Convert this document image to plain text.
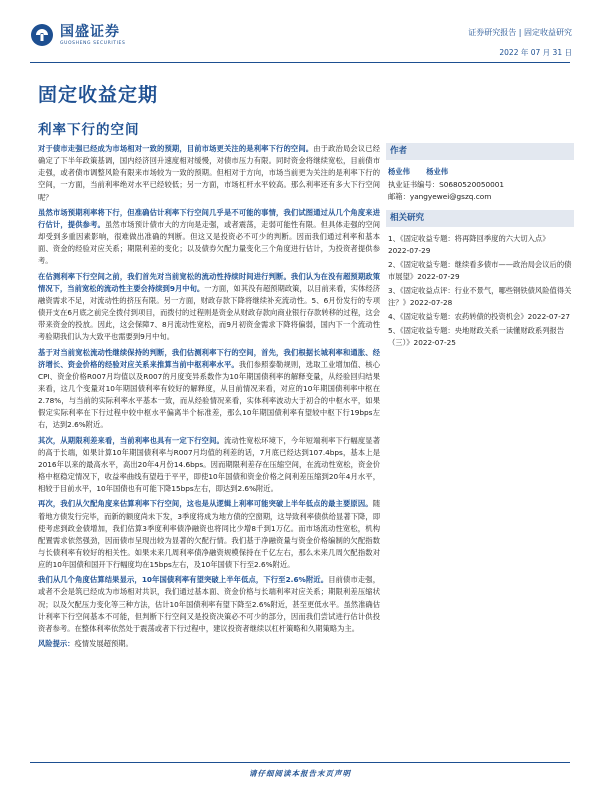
国盛证券
GUOSHENG SECURITIES
证券研究报告 | 固定收益研究
2022 年 07 月 31 日
固定收益定期
利率下行的空间

对于债市走强已经成为市场相对一致的预期，目前市场更关注的是利率下行的空间。由于政治局会议已经确定了下半年政策基调，国内经济回升速度相对缓慢，对债市压力有限。同时资金将继续宽松，目前债市走强，或者债市调整风险有限来市场较为一致的预期。但相对于方向，市场当前更为关注的是利率下行的空间，一方面，当前利率绝对水平已经较低；另一方面，市场杠杆水平较高。那么利率还有多大下行空间呢？

虽然市场预期利率将下行，但准确估计利率下行空间几乎是不可能的事情，我们试图通过从几个角度来进行估计，提供参考。虽然市场预计债市大的方向是走强，或者震荡，走弱可能性有限。但具体走强的空间却受到多重因素影响，很难做出准确的判断。但这又是投资必不可少的判断。因而我们通过利率和基本面、资金的经验对应关系；期限利差的变化；以及债券欠配力量变化三个角度进行估计，为投资者提供参考。

在估测利率下行空间之前，我们首先对当前宽松的流动性持续时间进行判断。我们认为在没有超预期政策情况下，当前宽松的流动性主要会持续到9月中旬。一方面，如其没有超预期政策，以目前来看，实体经济融资需求不足，对流动性的挤压有限。另一方面，财政存款下降将继续补充流动性。5、6月份发行的专项债开支在6月底之前完全拨付到项目，而拨付的过程则是资金从财政存款向商业银行存款转移的过程，这会带来资金的投放。因此，这会保障7、8月流动性宽松，而9月初资金需求下降将偏弱，国内下一个流动性考验期我们认为大致平也需要到9月中旬。

基于对当前宽松流动性继续保持的判断，我们估测利率下行的空间，首先，我们根据长城利率和通胀、经济增长、资金价格的经验对应关系来推算当前中枢利率水平。我们参照泰勒规则，选取工业增加值、核心CPI、资金价格R007月均值以及R007的月度变异系数作为10年期国债利率的解释变量，从经验回归结果来看，这几个变量对10年期国债利率有较好的解释度，从目前情况来看，对应的10年期国债利率中枢在2.78%，与当前的实际利率水平基本一致，而从经验情况来看，实体利率波动大于初合的中枢水平，如果假定实际利率在下行过程中较中枢水平偏离半个标准差，那么10年期国债利率有望较中枢下行19bps左右，达到2.6%附近。

其次，从期限利差来看，当前利率也具有一定下行空间。流动性宽松环境下，今年短端利率下行幅度显著的高于长端，如果计算10年期国债利率与R007月均值的利差的话，7月底已经达到107.4bps，基本上是2016年以来的最高水平，高出20年4月份14.6bps。因而期限利差存在压缩空间，在流动性宽松，资金价格中枢稳定情况下，收益率曲线有望趋于平平，即使10年国债和资金价格之间利差压缩到20年4月水平，相较于目前水平，10年国债也有可能下降15bps左右，即达到2.6%附近。

再次，我们从欠配角度来估算利率下行空间，这也是从逻辑上利率可能突破上半年低点的最主要原因。随着地方债发行完毕，而新的额度尚未下发，3季度将成为地方债的空窗期，这导致利率债供给显著下降，即使考虑到政金债增加，我们估算3季度利率债净融资也将同比少增8千到1万亿。而市场流动性宽松，机构配置需求依然强劲，因而债市呈现出较为显著的欠配行情。我们基于净融资量与资金价格编制的欠配指数与长债利率有较好的相关性。如果未来几周利率债净融资规模保持在千亿左右，那么未来几周欠配指数对应的10年国债和国开下行幅度均在15bps左右，及10年国债下行至2.6%附近。

我们从几个角度估算结果显示，10年国债利率有望突破上半年低点，下行至2.6%附近。目前债市走强，或者不会是筑已经成为市场相对共识，我们通过基本面、资金价格与长端利率对应关系；期限利差压缩状况；以及欠配压力变化等三种方法，估计10年国债利率有望下降至2.6%附近，甚至更低水平。虽然准确估计利率下行空间基本不可能，但判断下行空间又是投资决策必不可少的部分，因而我们尝试进行估计供投资者参考。在整体利率依然处于震荡或者下行过程中，建议投资者继续以杠杆策略和久期策略为主。

风险提示：疫情发展超预期。

作者
杨业伟 杨业伟
执业证书编号：S0680520050001
邮箱：yangyewei@gszq.com
相关研究
1、《固定收益专题：将再降回季度的六大切入点》
2022-07-29
2、《固定收益专题：继续看多债市——政治局会议后的债市展望》2022-07-29
3、《固定收益点评：行业不景气，哪些钢铁债风险值得关注？》2022-07-28
4、《固定收益专题：农药转债的投资机会》2022-07-27
5、《固定收益专题：央地财政关系一读懂财政系列报告（三）》2022-07-25
请仔细阅读本报告末页声明
